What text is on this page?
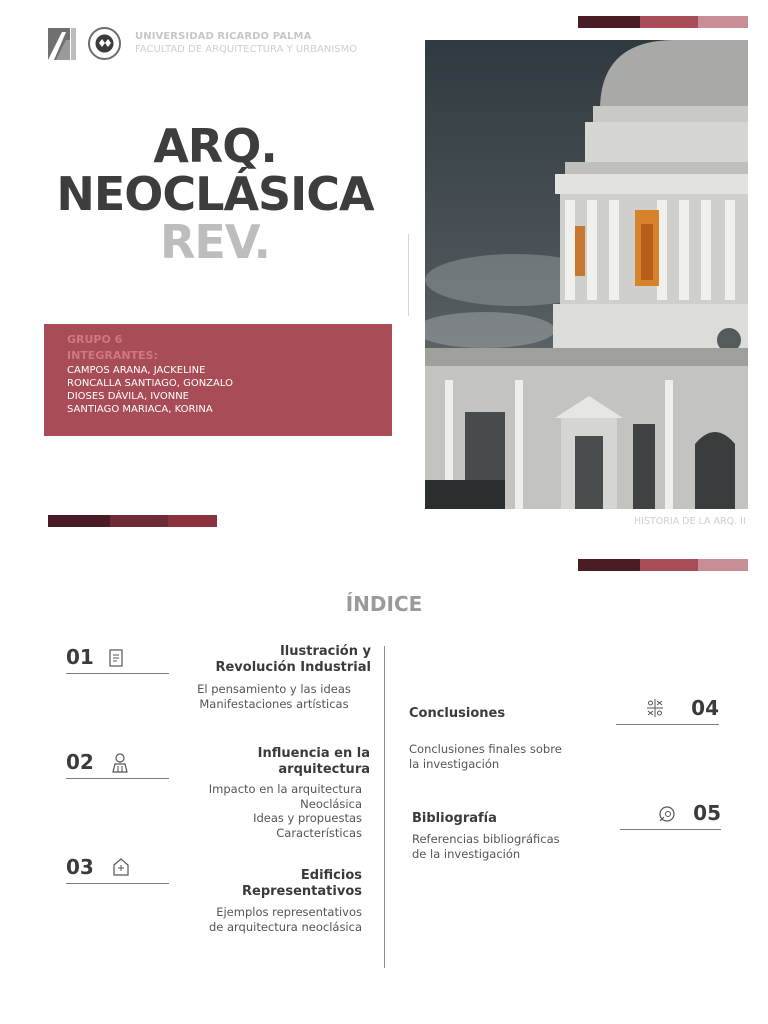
UNIVERSIDAD RICARDO PALMA
FACULTAD DE ARQUITECTURA Y URBANISMO
ARQ.
NEOCLÁSICA
REV.
GRUPO 6
INTEGRANTES:
CAMPOS ARANA, JACKELINE
RONCALLA SANTIAGO, GONZALO
DIOSES DÁVILA, IVONNE
SANTIAGO MARIACA, KORINA
HISTORIA DE LA ARQ. II
ÍNDICE
01	Ilustración y
Revolución Industrial
El pensamiento y las ideas
Manifestaciones artísticas
02	Influencia en la
arquitectura
Impacto en la arquitectura
Neoclásica
Ideas y propuestas
Características
03	Edificios
Representativos
Ejemplos representativos
de arquitectura neoclásica
04
Conclusiones
Conclusiones finales sobre
la investigación
05
Bibliografía
Referencias bibliográficas
de la investigación
